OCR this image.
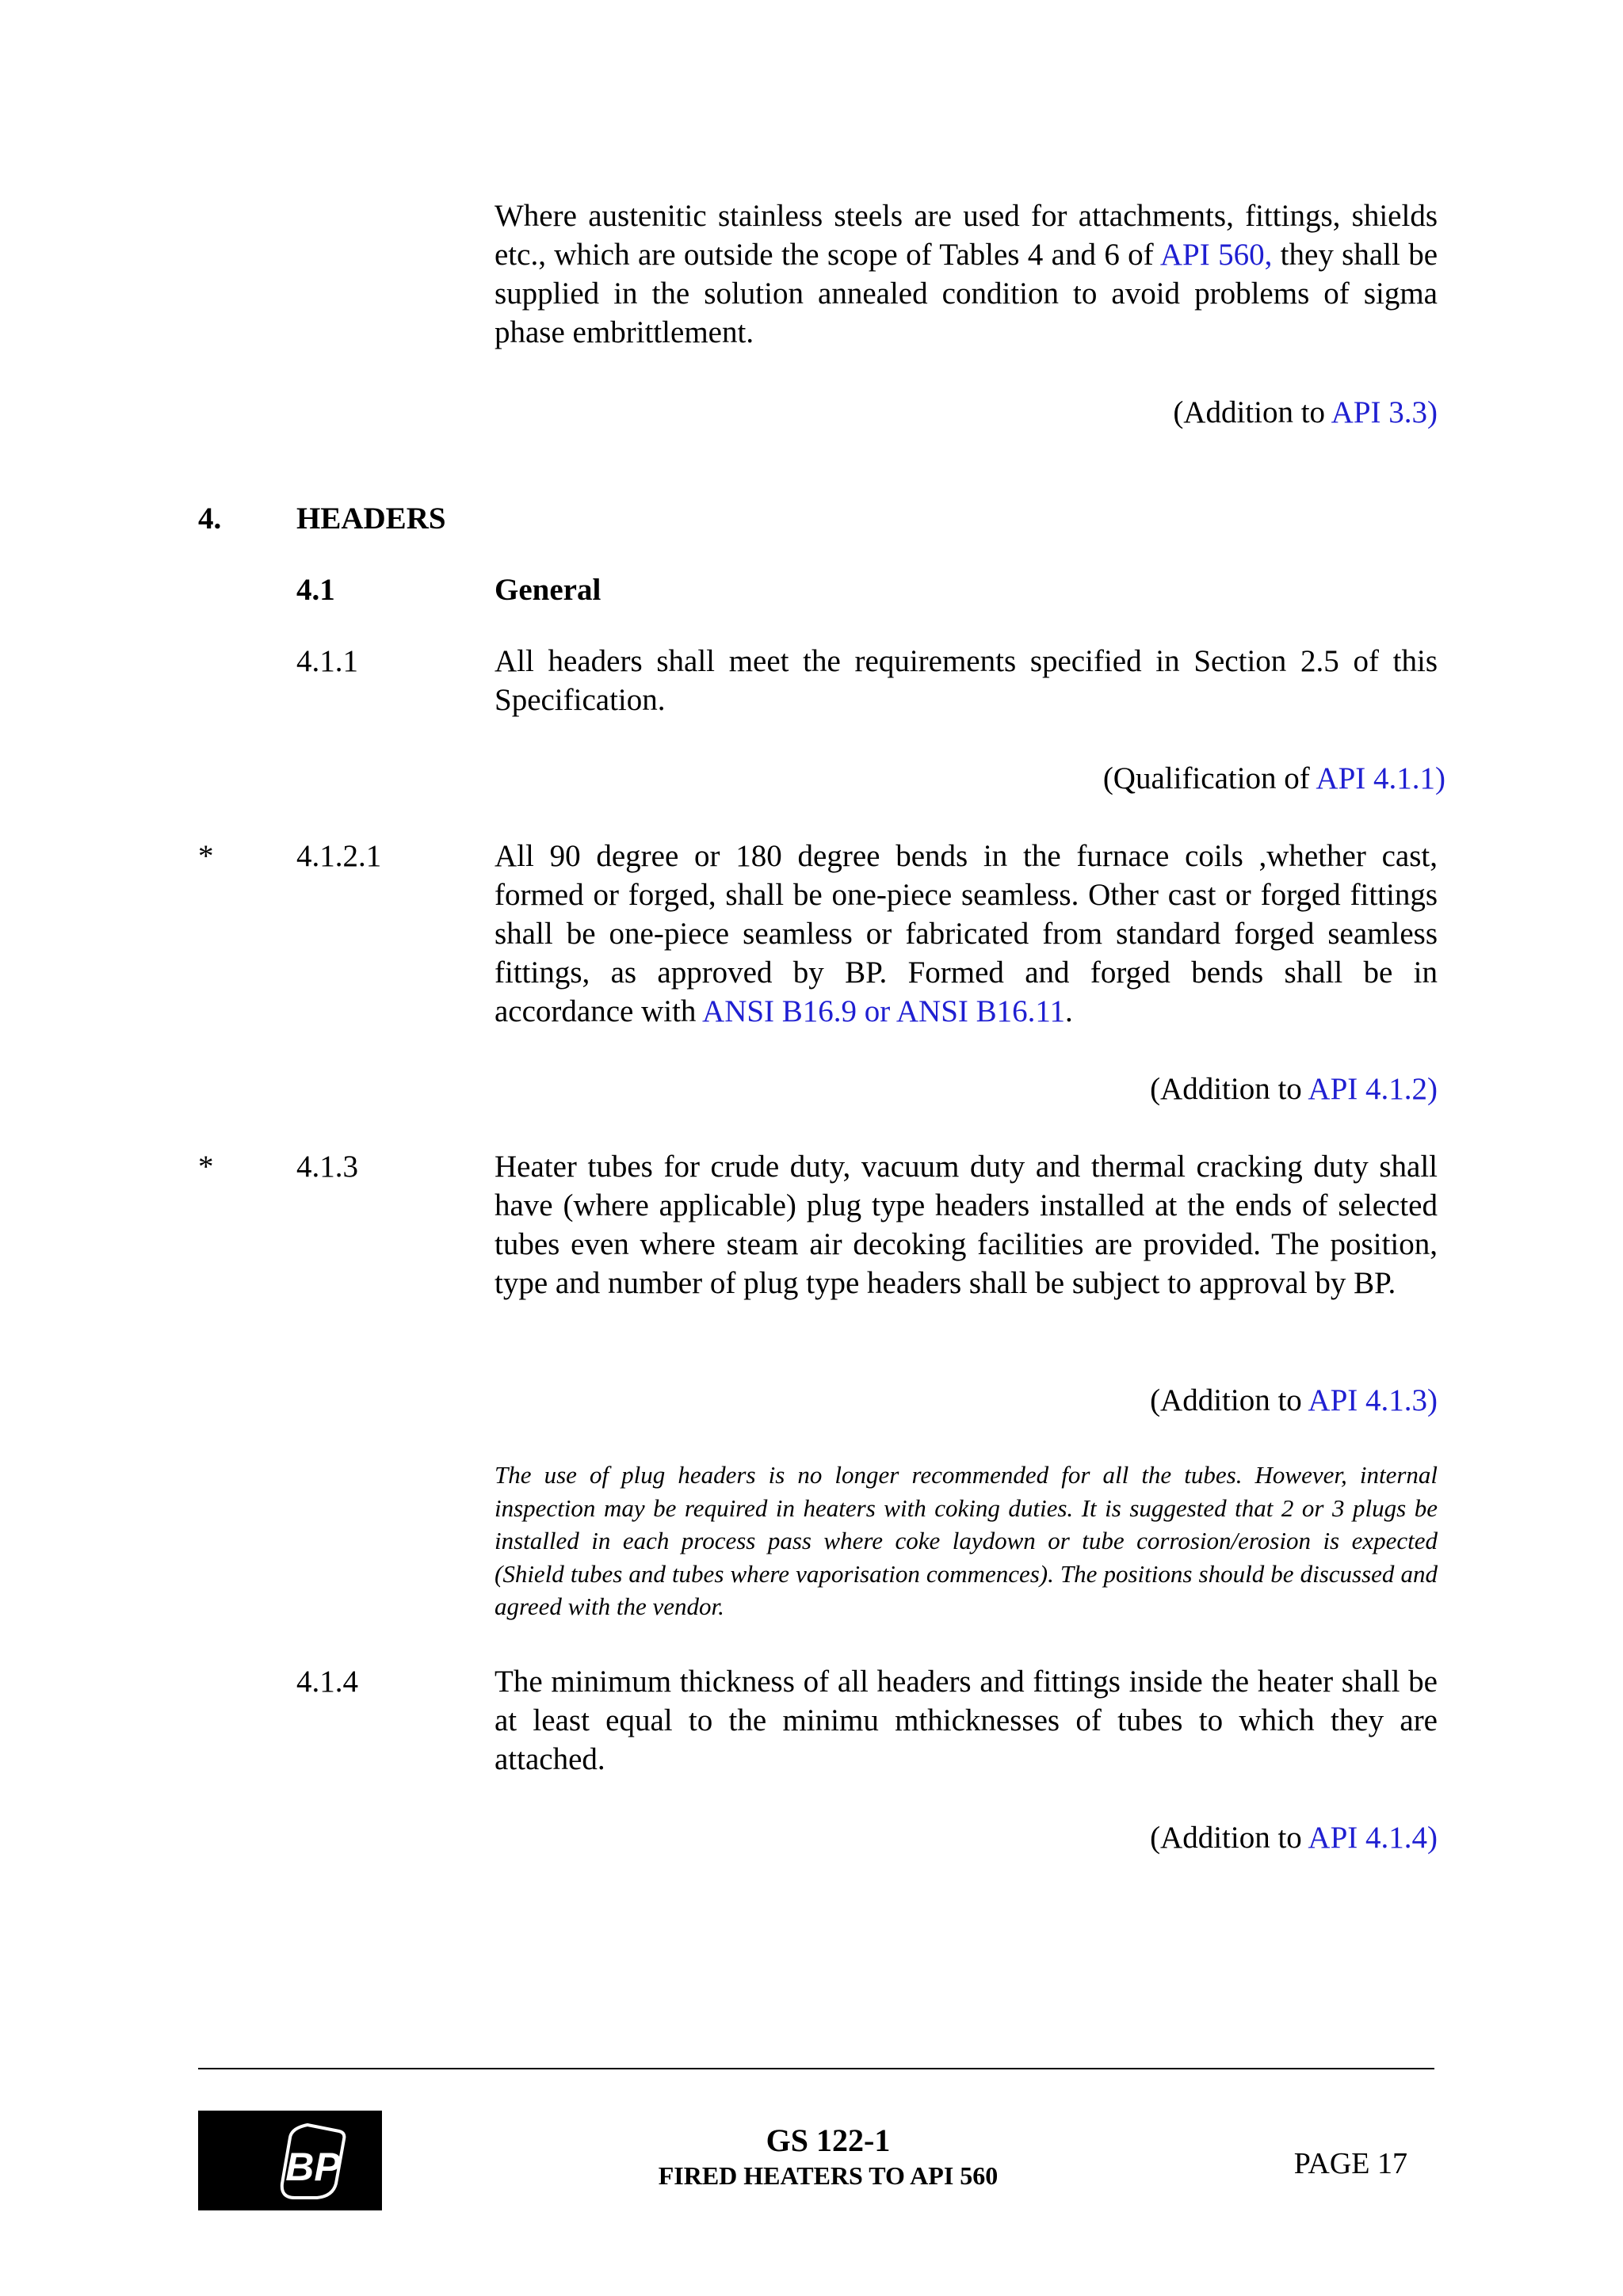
Where austenitic stainless steels are used for attachments, fittings, shields etc., which are outside the scope of Tables 4 and 6 of API 560, they shall be supplied in the solution annealed condition to avoid problems of sigma phase embrittlement.
(Addition to API 3.3)
4. HEADERS
4.1	General
4.1.1	All headers shall meet the requirements specified in Section 2.5 of this Specification.
(Qualification of API 4.1.1)
*	4.1.2.1	All 90 degree or 180 degree bends in the furnace coils ,whether cast, formed or forged, shall be one-piece seamless. Other cast or forged fittings shall be one-piece seamless or fabricated from standard forged seamless fittings, as approved by BP. Formed and forged bends shall be in accordance with ANSI B16.9 or ANSI B16.11.
(Addition to API 4.1.2)
*	4.1.3	Heater tubes for crude duty, vacuum duty and thermal cracking duty shall have (where applicable) plug type headers installed at the ends of selected tubes even where steam air decoking facilities are provided. The position, type and number of plug type headers shall be subject to approval by BP.
(Addition to API 4.1.3)
The use of plug headers is no longer recommended for all the tubes. However, internal inspection may be required in heaters with coking duties. It is suggested that 2 or 3 plugs be installed in each process pass where coke laydown or tube corrosion/erosion is expected (Shield tubes and tubes where vaporisation commences). The positions should be discussed and agreed with the vendor.
4.1.4	The minimum thickness of all headers and fittings inside the heater shall be at least equal to the minimu mthicknesses of tubes to which they are attached.
(Addition to API 4.1.4)
BP
GS 122-1
FIRED HEATERS TO API 560	PAGE 17
